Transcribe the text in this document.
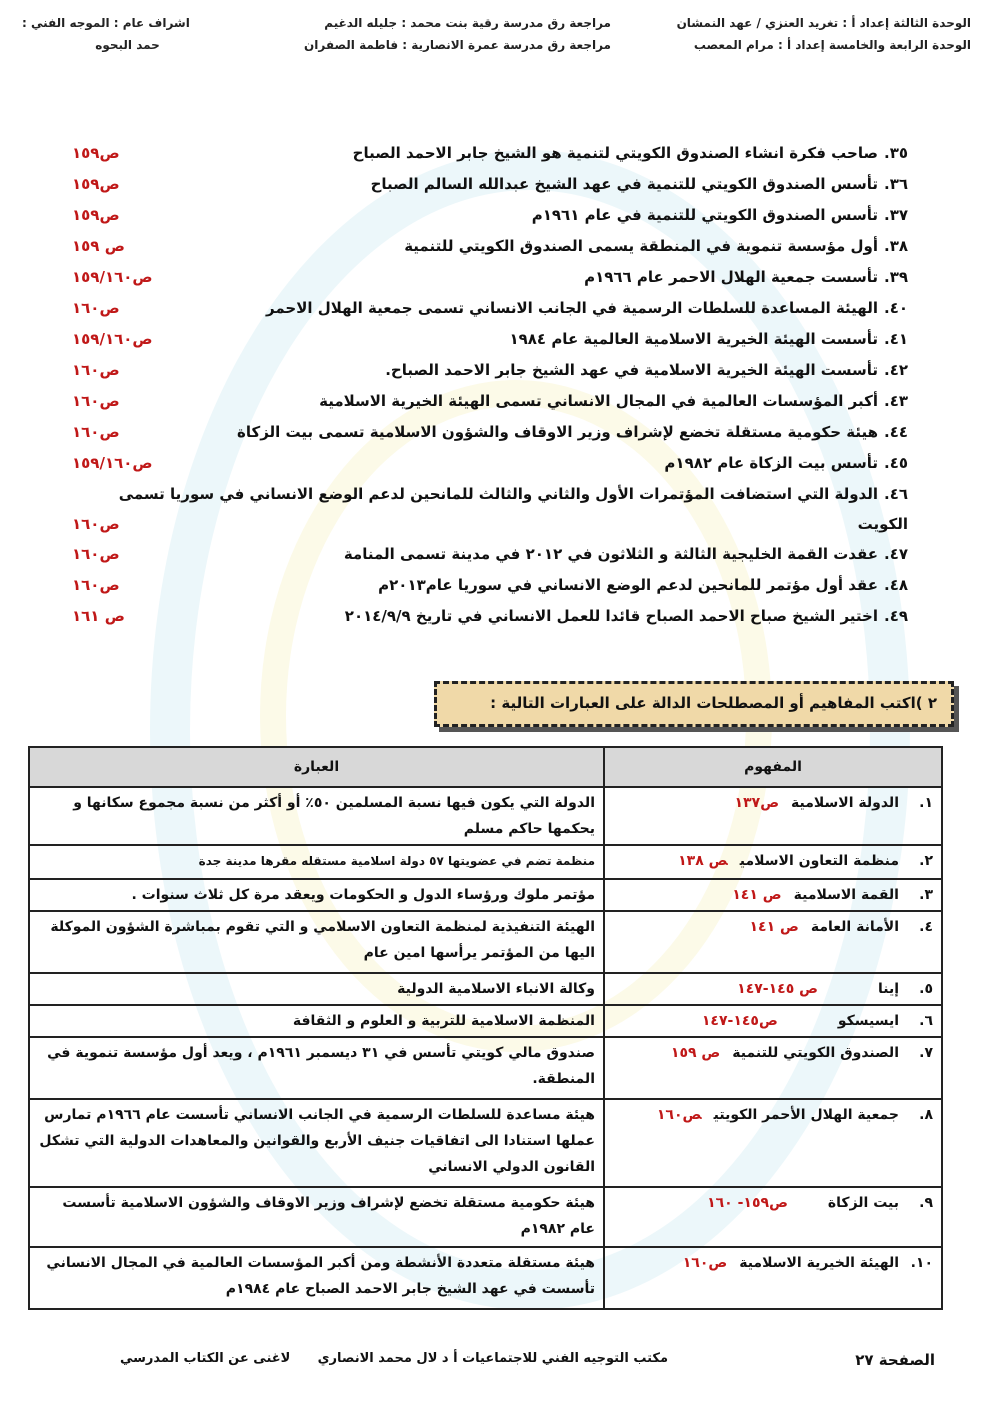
الوحدة الثالثة إعداد أ : تغريد العنزي / عهد النمشان
الوحدة الرابعة والخامسة إعداد أ : مرام المعصب
مراجعة رق مدرسة رقية بنت محمد : جليله الدغيم
مراجعة رق مدرسة عمرة الانصارية : فاطمة الصفران
اشراف عام : الموجه الفني :
حمد البحوه
٣٥.صاحب فكرة انشاء الصندوق الكويتي لتنمية هو الشيخ جابر الاحمد الصباح
ص١٥٩
٣٦.تأسس الصندوق الكويتي للتنمية في عهد الشيخ عبدالله السالم الصباح
ص١٥٩
٣٧.تأسس الصندوق الكويتي للتنمية في عام ١٩٦١م
ص١٥٩
٣٨.أول مؤسسة تنموية في المنطقة يسمى الصندوق الكويتي للتنمية
ص ١٥٩
٣٩.تأسست جمعية الهلال الاحمر عام ١٩٦٦م
ص١٥٩/١٦٠
٤٠.الهيئة المساعدة للسلطات الرسمية في الجانب الانساني تسمى جمعية الهلال الاحمر
ص١٦٠
٤١.تأسست الهيئة الخيرية الاسلامية العالمية عام ١٩٨٤
ص١٥٩/١٦٠
٤٢.تأسست الهيئة الخيرية الاسلامية في عهد الشيخ جابر الاحمد الصباح.
ص١٦٠
٤٣.أكبر المؤسسات العالمية في المجال الانساني تسمى الهيئة الخيرية الاسلامية
ص١٦٠
٤٤.هيئة حكومية مستقلة تخضع لإشراف وزير الاوقاف والشؤون الاسلامية تسمى بيت الزكاة
ص١٦٠
٤٥.تأسس بيت الزكاة عام ١٩٨٢م
ص١٥٩/١٦٠
٤٦.الدولة التي استضافت المؤتمرات الأول والثاني والثالث للمانحين لدعم الوضع الانساني في سوريا تسمى الكويت
ص١٦٠
٤٧.عقدت القمة الخليجية الثالثة و الثلاثون في ٢٠١٢ في مدينة تسمى المنامة
ص١٦٠
٤٨.عقد أول مؤتمر للمانحين لدعم الوضع الانساني في سوريا عام٢٠١٣م
ص١٦٠
٤٩.اختير الشيخ صباح الاحمد الصباح قائدا للعمل الانساني في تاريخ ٢٠١٤/٩/٩
ص ١٦١
٢ )اكتب المفاهيم أو المصطلحات الدالة على العبارات التالية :
المفهوم	العبارة
١.الدولة الاسلاميةص١٣٧	الدولة التي يكون فيها نسبة المسلمين ٥٠٪ أو أكثر من نسبة مجموع سكانها و يحكمها حاكم مسلم
٢.منظمة التعاون الاسلاميص ١٣٨	منظمة تضم في عضويتها ٥٧ دولة اسلامية مستقله مقرها مدينة جدة
٣.القمة الاسلاميةص ١٤١	مؤتمر ملوك ورؤساء الدول و الحكومات ويعقد مرة كل ثلاث سنوات .
٤.الأمانة العامةص ١٤١	الهيئة التنفيذية لمنظمة التعاون الاسلامي و التي تقوم بمباشرة الشؤون الموكلة اليها من المؤتمر يرأسها امين عام
٥.إيناص ١٤٥-١٤٧	وكالة الانباء الاسلامية الدولية
٦.ايسيسكوص١٤٥-١٤٧	المنظمة الاسلامية للتربية و العلوم و الثقافة
٧.الصندوق الكويتي للتنميةص ١٥٩	صندوق مالي كويتي تأسس في ٣١ ديسمبر ١٩٦١م ، ويعد أول مؤسسة تنموية في المنطقة.
٨.جمعية الهلال الأحمر الكويتيص١٦٠	هيئة مساعدة للسلطات الرسمية في الجانب الانساني تأسست عام ١٩٦٦م تمارس عملها استنادا الى اتفاقيات جنيف الأربع والقوانين والمعاهدات الدولية التي تشكل القانون الدولي الانساني
٩.بيت الزكاةص١٥٩- ١٦٠	هيئة حكومية مستقلة تخضع لإشراف وزير الاوقاف والشؤون الاسلامية تأسست عام ١٩٨٢م
١٠.الهيئة الخيرية الاسلاميةص١٦٠	هيئة مستقلة متعددة الأنشطة ومن أكبر المؤسسات العالمية في المجال الانساني تأسست في عهد الشيخ جابر الاحمد الصباح عام ١٩٨٤م
الصفحة ٢٧
مكتب التوجيه الفني للاجتماعيات أ د لال محمد الانصاري
لاغنى عن الكتاب المدرسي
